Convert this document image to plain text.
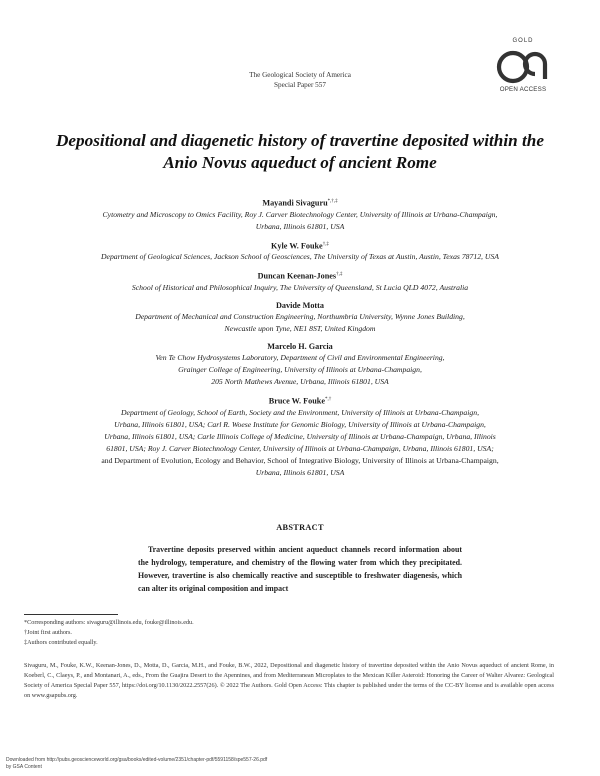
The Geological Society of America
Special Paper 557
GOLD
OPEN ACCESS
Depositional and diagenetic history of travertine deposited within the Anio Novus aqueduct of ancient Rome
Mayandi Sivaguru*,†,‡
Cytometry and Microscopy to Omics Facility, Roy J. Carver Biotechnology Center, University of Illinois at Urbana-Champaign,
Urbana, Illinois 61801, USA
Kyle W. Fouke†,‡
Department of Geological Sciences, Jackson School of Geosciences, The University of Texas at Austin, Austin, Texas 78712, USA
Duncan Keenan-Jones†,‡
School of Historical and Philosophical Inquiry, The University of Queensland, St Lucia QLD 4072, Australia
Davide Motta
Department of Mechanical and Construction Engineering, Northumbria University, Wynne Jones Building,
Newcastle upon Tyne, NE1 8ST, United Kingdom
Marcelo H. Garcia
Ven Te Chow Hydrosystems Laboratory, Department of Civil and Environmental Engineering,
Grainger College of Engineering, University of Illinois at Urbana-Champaign,
205 North Mathews Avenue, Urbana, Illinois 61801, USA
Bruce W. Fouke*,†
Department of Geology, School of Earth, Society and the Environment, University of Illinois at Urbana-Champaign,
Urbana, Illinois 61801, USA; Carl R. Woese Institute for Genomic Biology, University of Illinois at Urbana-Champaign,
Urbana, Illinois 61801, USA; Carle Illinois College of Medicine, University of Illinois at Urbana-Champaign, Urbana, Illinois
61801, USA; Roy J. Carver Biotechnology Center, University of Illinois at Urbana-Champaign, Urbana, Illinois 61801, USA;
and Department of Evolution, Ecology and Behavior, School of Integrative Biology, University of Illinois at Urbana-Champaign,
Urbana, Illinois 61801, USA
ABSTRACT
Travertine deposits preserved within ancient aqueduct channels record information about the hydrology, temperature, and chemistry of the flowing water from which they precipitated. However, travertine is also chemically reactive and susceptible to freshwater diagenesis, which can alter its original composition and impact
*Corresponding authors: sivaguru@illinois.edu, fouke@illinois.edu.
†Joint first authors.
‡Authors contributed equally.
Sivaguru, M., Fouke, K.W., Keenan-Jones, D., Motta, D., Garcia, M.H., and Fouke, B.W., 2022, Depositional and diagenetic history of travertine deposited within the Anio Novus aqueduct of ancient Rome, in Koeberl, C., Claeys, P., and Montanari, A., eds., From the Guajira Desert to the Apennines, and from Mediterranean Microplates to the Mexican Killer Asteroid: Honoring the Career of Walter Alvarez: Geological Society of America Special Paper 557, https://doi.org/10.1130/2022.2557(26). © 2022 The Authors. Gold Open Access: This chapter is published under the terms of the CC-BY license and is available open access on www.gsapubs.org.
Downloaded from http://pubs.geoscienceworld.org/gsa/books/edited-volume/2351/chapter-pdf/5591158/spe557-26.pdf
by GSA Content
